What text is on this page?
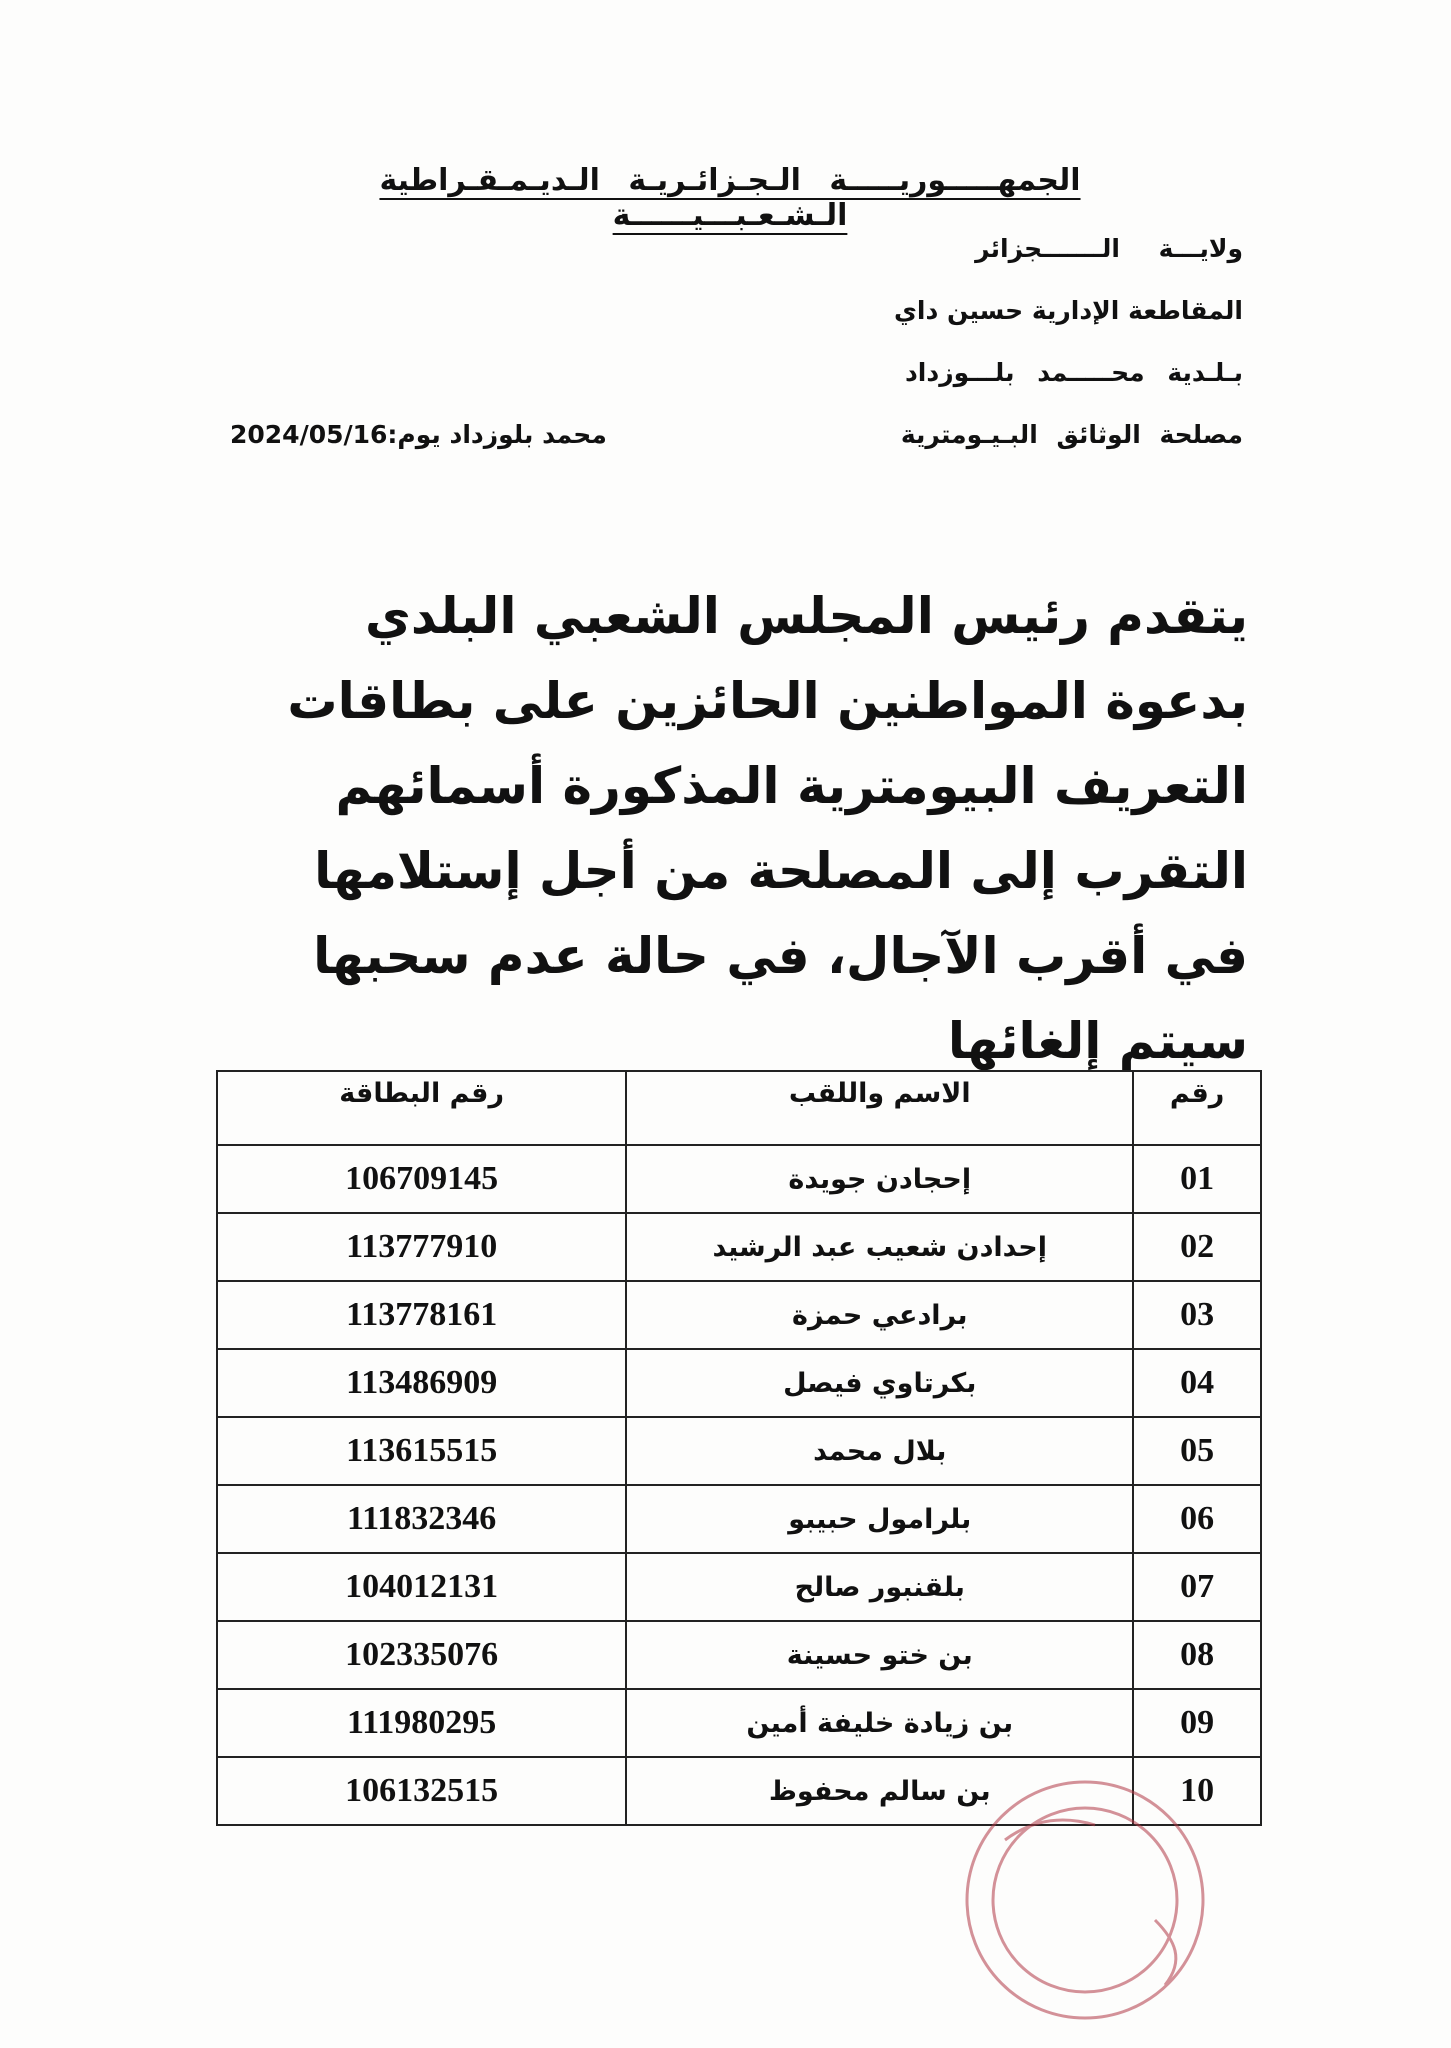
الجمهـــــوريـــــة الـجـزائـريـة الـديـمـقـراطية الـشـعـبـــيــــــة
ولايـــة الـــــــجزائر
المقاطعة الإدارية حسين داي
بـلـدية محـــــمد بلـــوزداد
مصلحة الوثائق البـيـومترية
محمد بلوزداد يوم:2024/05/16

يتقدم رئيس المجلس الشعبي البلدي بدعوة المواطنين الحائزين على بطاقات التعريف البيومترية المذكورة أسمائهم التقرب إلى المصلحة من أجل إستلامها في أقرب الآجال، في حالة عدم سحبها سيتم إلغائها

رقم	الاسم واللقب	رقم البطاقة
01	إحجادن جويدة	106709145
02	إحدادن شعيب عبد الرشيد	113777910
03	برادعي حمزة	113778161
04	بكرتاوي فيصل	113486909
05	بلال محمد	113615515
06	بلرامول حبيبو	111832346
07	بلقنبور صالح	104012131
08	بن ختو حسينة	102335076
09	بن زيادة خليفة أمين	111980295
10	بن سالم محفوظ	106132515
